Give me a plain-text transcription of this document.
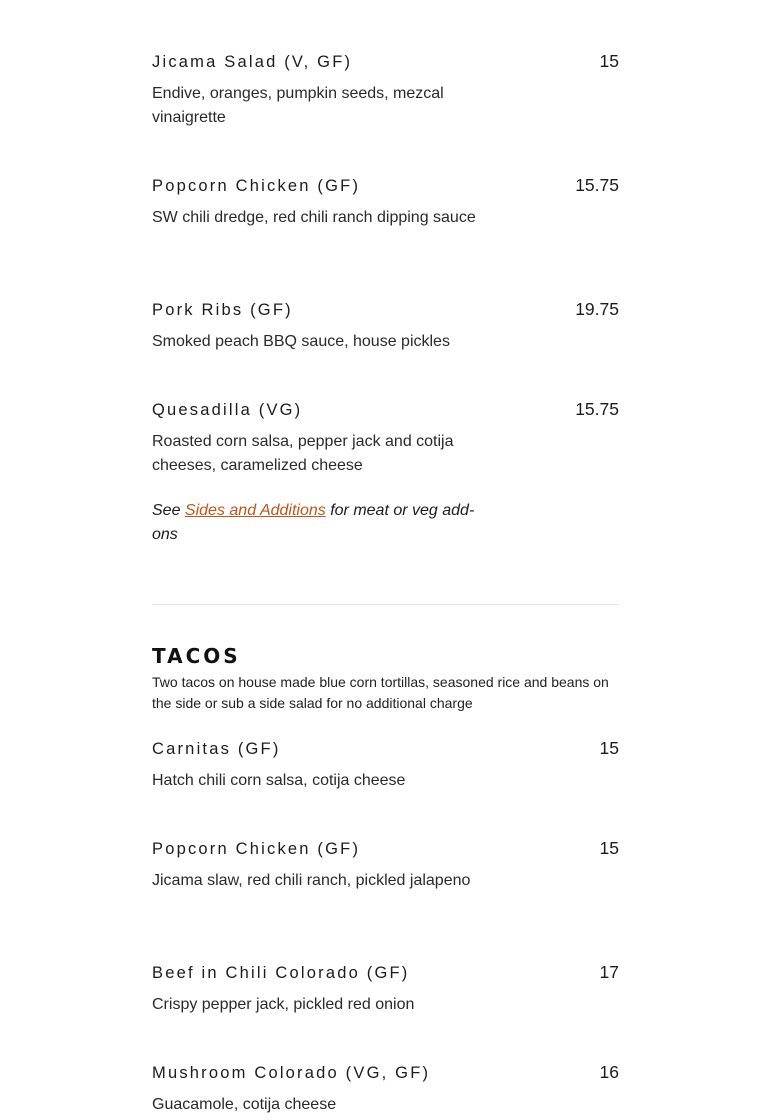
Jicama Salad (V, GF)	15
Endive, oranges, pumpkin seeds, mezcal vinaigrette
Popcorn Chicken (GF)	15.75
SW chili dredge, red chili ranch dipping sauce
Pork Ribs (GF)	19.75
Smoked peach BBQ sauce, house pickles
Quesadilla (VG)	15.75
Roasted corn salsa, pepper jack and cotija cheeses, caramelized cheese
See Sides and Additions for meat or veg add-ons
TACOS
Two tacos on house made blue corn tortillas, seasoned rice and beans on the side or sub a side salad for no additional charge
Carnitas (GF)	15
Hatch chili corn salsa, cotija cheese
Popcorn Chicken (GF)	15
Jicama slaw, red chili ranch, pickled jalapeno
Beef in Chili Colorado (GF)	17
Crispy pepper jack, pickled red onion
Mushroom Colorado (VG, GF)	16
Guacamole, cotija cheese
